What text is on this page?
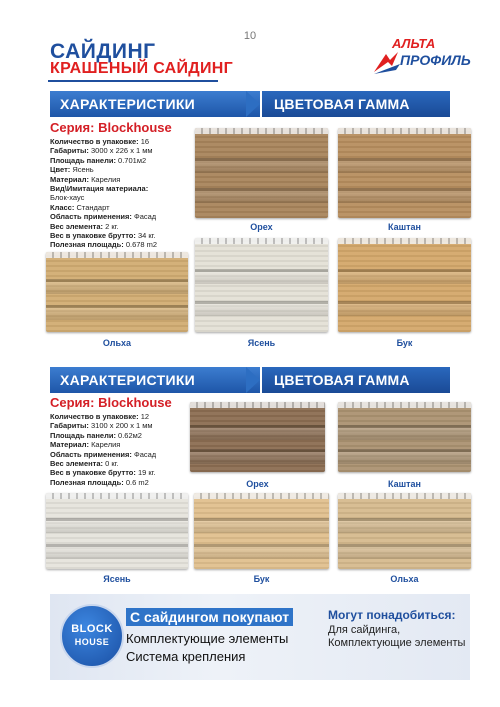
10
САЙДИНГ
КРАШЕНЫЙ САЙДИНГ
АЛЬТА
ПРОФИЛЬ
ХАРАКТЕРИСТИКИ	ЦВЕТОВАЯ ГАММА
Серия: Blockhouse
Количество в упаковке: 16
Габариты: 3000 х 226 х 1 мм
Площадь панели: 0.701м2
Цвет: Ясень
Материал: Карелия
Вид\Имитация материала:
Блок-хаус
Класс: Стандарт
Область применения: Фасад
Вес элемента: 2 кг.
Вес в упаковке брутто: 34 кг.
Полезная площадь: 0.678 m2
Орех	Каштан
Ольха	Ясень	Бук
ХАРАКТЕРИСТИКИ	ЦВЕТОВАЯ ГАММА
Серия: Blockhouse
Количество в упаковке: 12
Габариты: 3100 х 200 х 1 мм
Площадь панели: 0.62м2
Материал: Карелия
Область применения: Фасад
Вес элемента: 0 кг.
Вес в упаковке брутто: 19 кг.
Полезная площадь: 0.6 m2	Орех	Каштан
Ясень	Бук	Ольха
BLOCK
HOUSE
С сайдингом покупают
Комплектующие элементы
Система крепления
Могут понадобиться:
Для сайдинга, Комплектующие элементы
